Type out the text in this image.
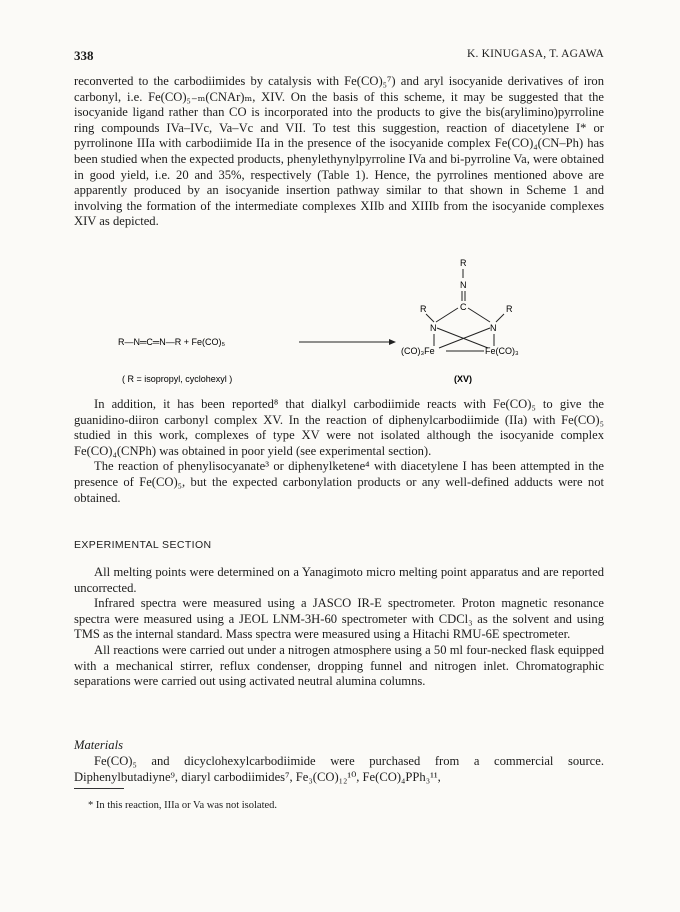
338	K. KINUGASA, T. AGAWA

reconverted to the carbodiimides by catalysis with Fe(CO)₅⁷) and aryl isocyanide derivatives of iron carbonyl, i.e. Fe(CO)₅₋ₘ(CNAr)ₘ, XIV. On the basis of this scheme, it may be suggested that the isocyanide ligand rather than CO is incorporated into the products to give the bis(arylimino)pyrroline ring compounds IVa–IVc, Va–Vc and VII. To test this suggestion, reaction of diacetylene I* or pyrrolinone IIIa with carbodiimide IIa in the presence of the isocyanide complex Fe(CO)₄(CN–Ph) has been studied when the expected products, phenylethynylpyrroline IVa and bi-pyrroline Va, were obtained in good yield, i.e. 20 and 35%, respectively (Table 1). Hence, the pyrrolines mentioned above are apparently produced by an isocyanide insertion pathway similar to that shown in Scheme 1 and involving the formation of the intermediate complexes XIIb and XIIIb from the isocyanide complexes XIV as depicted.

R—N═C═N—R + Fe(CO)₅
( R = isopropyl, cyclohexyl )
R
N
C
R	R
N	N
(CO)₃Fe	Fe(CO)₃
(XV)

In addition, it has been reported⁸ that dialkyl carbodiimide reacts with Fe(CO)₅ to give the guanidino-diiron carbonyl complex XV. In the reaction of diphenylcarbodiimide (IIa) with Fe(CO)₅ studied in this work, complexes of type XV were not isolated although the isocyanide complex Fe(CO)₄(CNPh) was obtained in poor yield (see experimental section).

The reaction of phenylisocyanate³ or diphenylketene⁴ with diacetylene I has been attempted in the presence of Fe(CO)₅, but the expected carbonylation products or any well-defined adducts were not obtained.

EXPERIMENTAL SECTION

All melting points were determined on a Yanagimoto micro melting point apparatus and are reported uncorrected.

Infrared spectra were measured using a JASCO IR-E spectrometer. Proton magnetic resonance spectra were measured using a JEOL LNM-3H-60 spectrometer with CDCl₃ as the solvent and using TMS as the internal standard. Mass spectra were measured using a Hitachi RMU-6E spectrometer.

All reactions were carried out under a nitrogen atmosphere using a 50 ml four-necked flask equipped with a mechanical stirrer, reflux condenser, dropping funnel and nitrogen inlet. Chromatographic separations were carried out using activated neutral alumina columns.

Materials

Fe(CO)₅ and dicyclohexylcarbodiimide were purchased from a commercial source. Diphenylbutadiyne⁹, diaryl carbodiimides⁷, Fe₃(CO)₁₂¹⁰, Fe(CO)₄PPh₃¹¹,

* In this reaction, IIIa or Va was not isolated.
